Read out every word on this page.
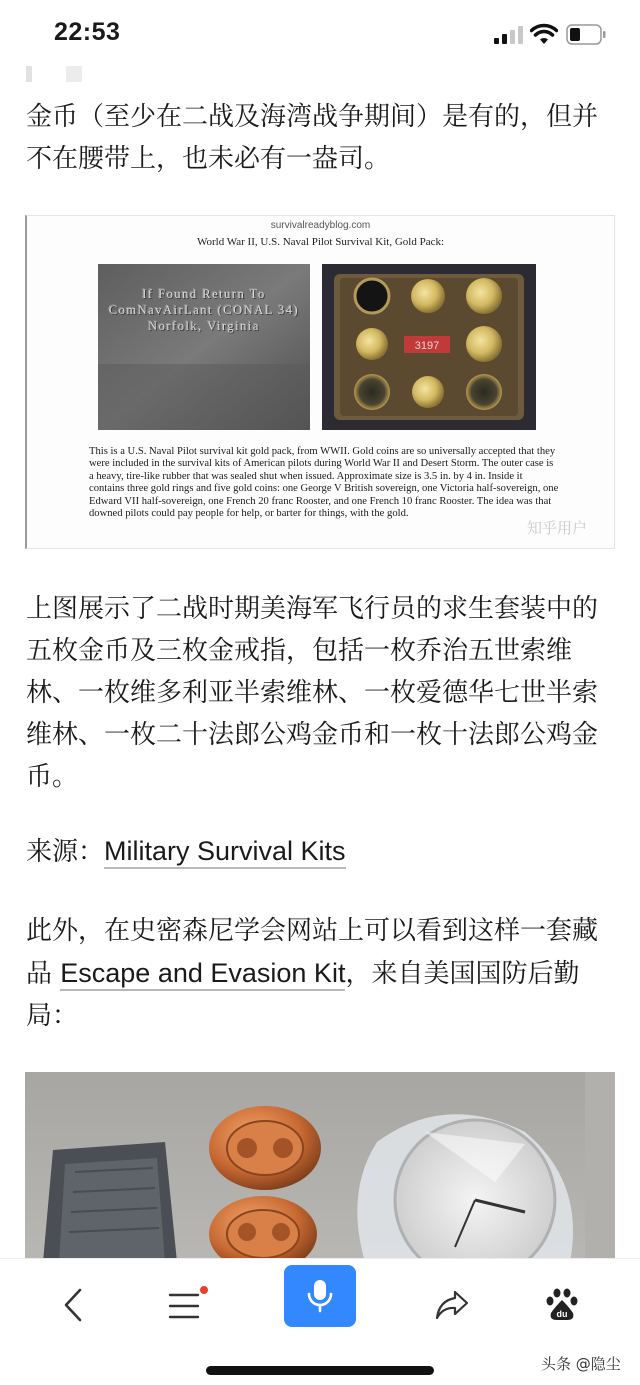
22:53
金币（至少在二战及海湾战争期间）是有的，但并不在腰带上，也未必有一盎司。
survivalreadyblog.com
World War II, U.S. Naval Pilot Survival Kit, Gold Pack:
If Found Return To
ComNavAirLant (CONAL 34)
Norfolk, Virginia
3197
This is a U.S. Naval Pilot survival kit gold pack, from WWII. Gold coins are so universally accepted that they were included in the survival kits of American pilots during World War II and Desert Storm. The outer case is a heavy, tire-like rubber that was sealed shut when issued. Approximate size is 3.5 in. by 4 in. Inside it contains three gold rings and five gold coins: one George V British sovereign, one Victoria half-sovereign, one Edward VII half-sovereign, one French 20 franc Rooster, and one French 10 franc Rooster. The idea was that downed pilots could pay people for help, or barter for things, with the gold.
知乎用户
上图展示了二战时期美海军飞行员的求生套装中的五枚金币及三枚金戒指，包括一枚乔治五世索维林、一枚维多利亚半索维林、一枚爱德华七世半索维林、一枚二十法郎公鸡金币和一枚十法郎公鸡金币。
来源：Military Survival Kits
此外，在史密森尼学会网站上可以看到这样一套藏品 Escape and Evasion Kit，来自美国国防后勤局：
du
头条 @隐尘
